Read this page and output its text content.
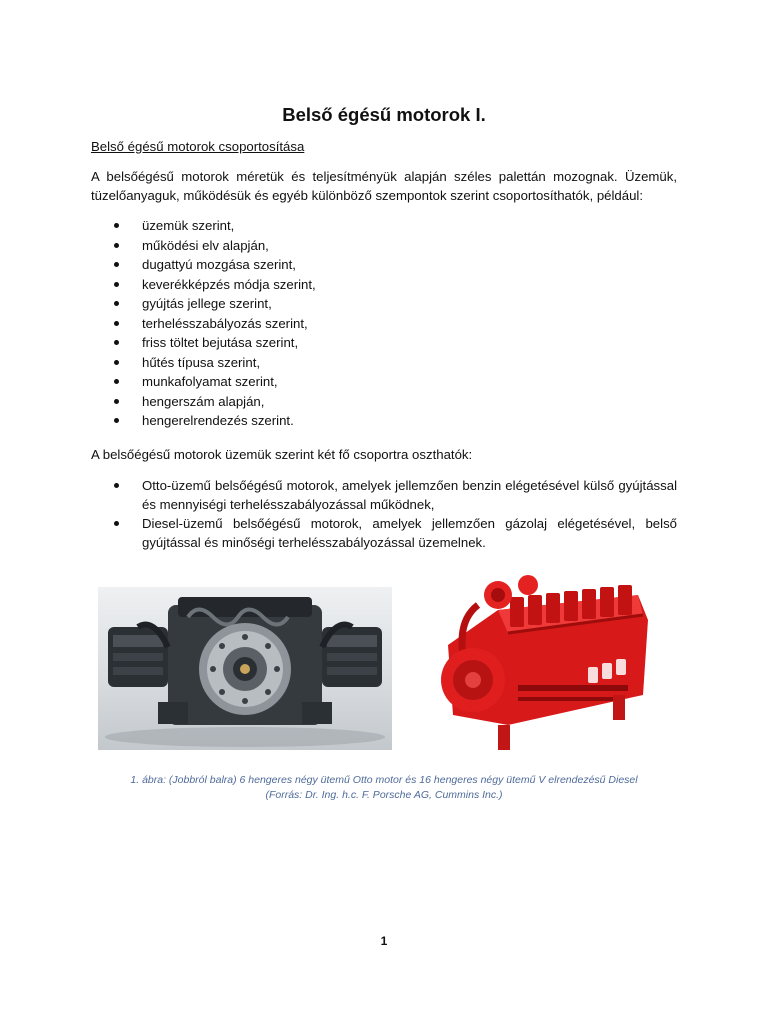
Belső égésű motorok I.
Belső égésű motorok csoportosítása
A belsőégésű motorok méretük és teljesítményük alapján széles palettán mozognak. Üzemük, tüzelőanyaguk, működésük és egyéb különböző szempontok szerint csoportosíthatók, például:
üzemük szerint,
működési elv alapján,
dugattyú mozgása szerint,
keverékképzés módja szerint,
gyújtás jellege szerint,
terhelésszabályozás szerint,
friss töltet bejutása szerint,
hűtés típusa szerint,
munkafolyamat szerint,
hengerszám alapján,
hengerelrendezés szerint.
A belsőégésű motorok üzemük szerint két fő csoportra oszthatók:
Otto-üzemű belsőégésű motorok, amelyek jellemzően benzin elégetésével külső gyújtással és mennyiségi terhelésszabályozással működnek,
Diesel-üzemű belsőégésű motorok, amelyek jellemzően gázolaj elégetésével, belső gyújtással és minőségi terhelésszabályozással üzemelnek.
1. ábra: (Jobbról balra) 6 hengeres négy ütemű Otto motor és 16 hengeres négy ütemű V elrendezésű Diesel
(Forrás: Dr. Ing. h.c. F. Porsche AG, Cummins Inc.)
1
